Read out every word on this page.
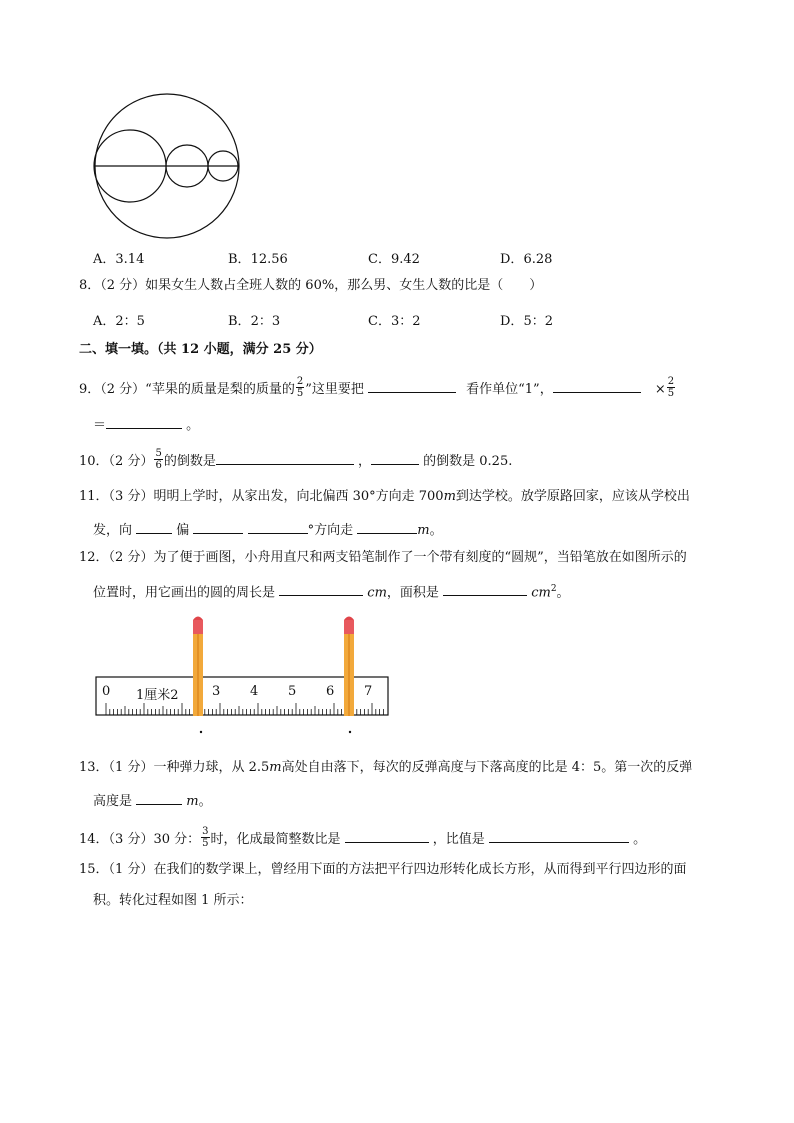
A．3.14	B．12.56	C．9.42	D．6.28
8．（2 分）如果女生人数占全班人数的 60%，那么男、女生人数的比是（　　）
A．2：5	B．2：3	C．3：2	D．5：2
二、填一填。（共 12 小题，满分 25 分）
9．（2 分）“苹果的质量是梨的质量的 $\frac{2}{5}$ ”这里要把	看作单位“1”，	× $\frac{2}{5}$
＝	。
10．（2 分） $\frac{5}{6}$ 的倒数是	，	的倒数是 0.25.
11．（3 分）明明上学时，从家出发，向北偏西 30°方向走 700m到达学校。放学原路回家，应该从学校出
发，向	偏	°方向走	m。
12．（2 分）为了便于画图，小舟用直尺和两支铅笔制作了一个带有刻度的“圆规”，当铅笔放在如图所示的
位置时，用它画出的圆的周长是	cm，面积是	$cm^2$。
0 1厘米2	3 4 5 6 7
13．（1 分）一种弹力球，从 2.5m高处自由落下，每次的反弹高度与下落高度的比是 4：5。第一次的反弹
高度是	m。
14．（3 分）30 分： $\frac{3}{5}$ 时，化成最简整数比是	，比值是	。
15．（1 分）在我们的数学课上，曾经用下面的方法把平行四边形转化成长方形，从而得到平行四边形的面
积。转化过程如图 1 所示：
